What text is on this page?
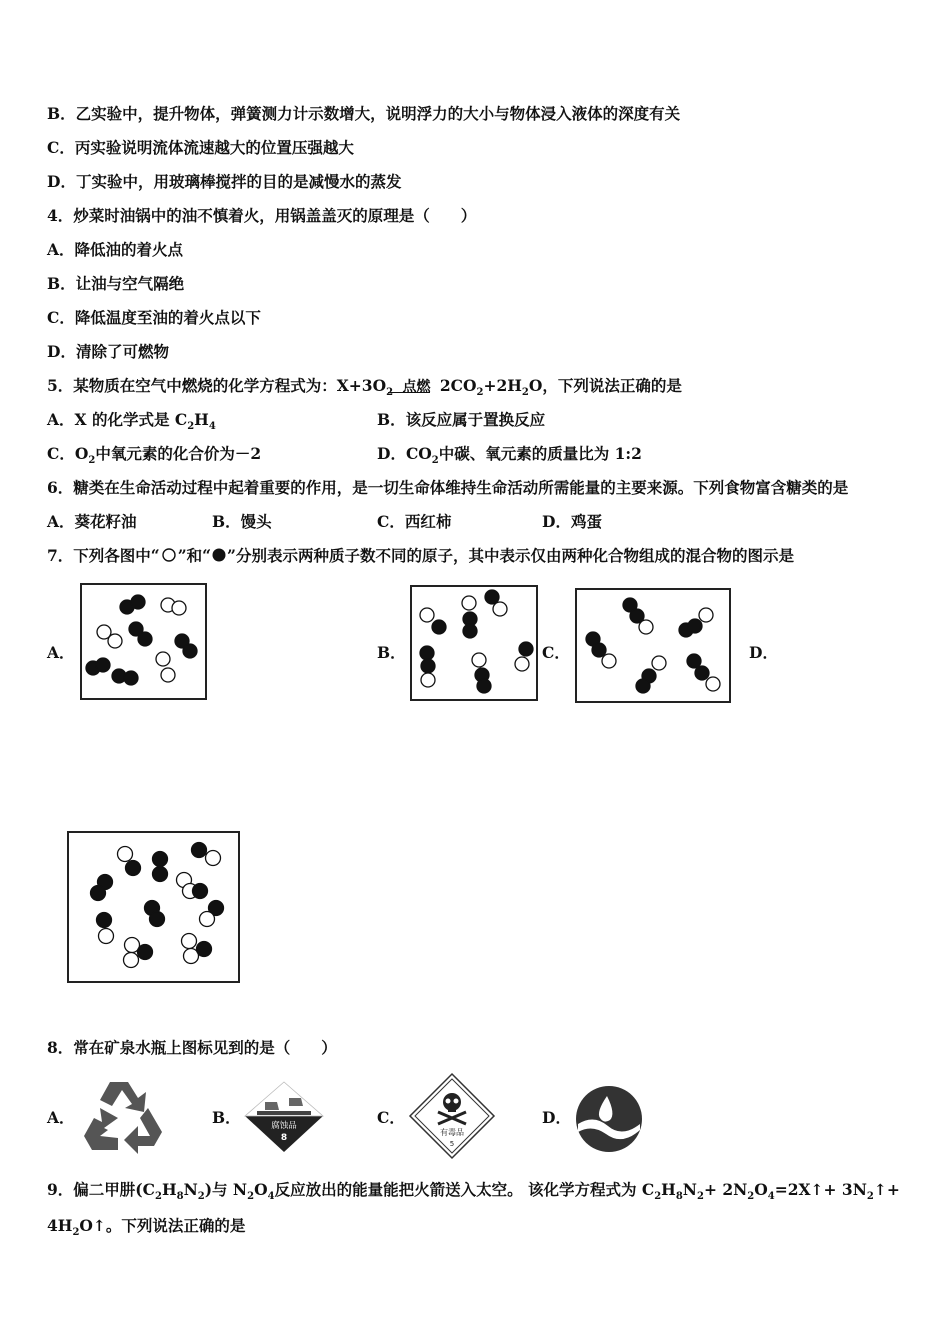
B．乙实验中，提升物体，弹簧测力计示数增大，说明浮力的大小与物体浸入液体的深度有关
C．丙实验说明流体流速越大的位置压强越大
D．丁实验中，用玻璃棒搅拌的目的是减慢水的蒸发
4．炒菜时油锅中的油不慎着火，用锅盖盖灭的原理是（　　）
A．降低油的着火点
B．让油与空气隔绝
C．降低温度至油的着火点以下
D．清除了可燃物
5．某物质在空气中燃烧的化学方程式为：$X+3O_2$ 点燃
$2CO_2+2H_2O$，下列说法正确的是
A．X 的化学式是 $C_2H_4$	B．该反应属于置换反应
C．$O_2$中氧元素的化合价为－2	D．$CO_2$中碳、氧元素的质量比为 1:2
6．糖类在生命活动过程中起着重要的作用，是一切生命体维持生命活动所需能量的主要来源。下列食物富含糖类的是
A．葵花籽油	B．馒头	C．西红柿	D．鸡蛋
7．下列各图中“ ”和“ ”分别表示两种质子数不同的原子，其中表示仅由两种化合物组成的混合物的图示是
A．	B．	C．	D．
8．常在矿泉水瓶上图标见到的是（　　）
A．	B．	腐蚀品
8
C．
有毒品
5
D．
9．偏二甲肼$(C_2H_8N_2)$与 $N_2O_4$反应放出的能量能把火箭送入太空。 该化学方程式为 $C_2H_8N_2+$ $2N_2O_4=2X↑+$ $3N_2↑+$
$4H_2O↑$。下列说法正确的是
